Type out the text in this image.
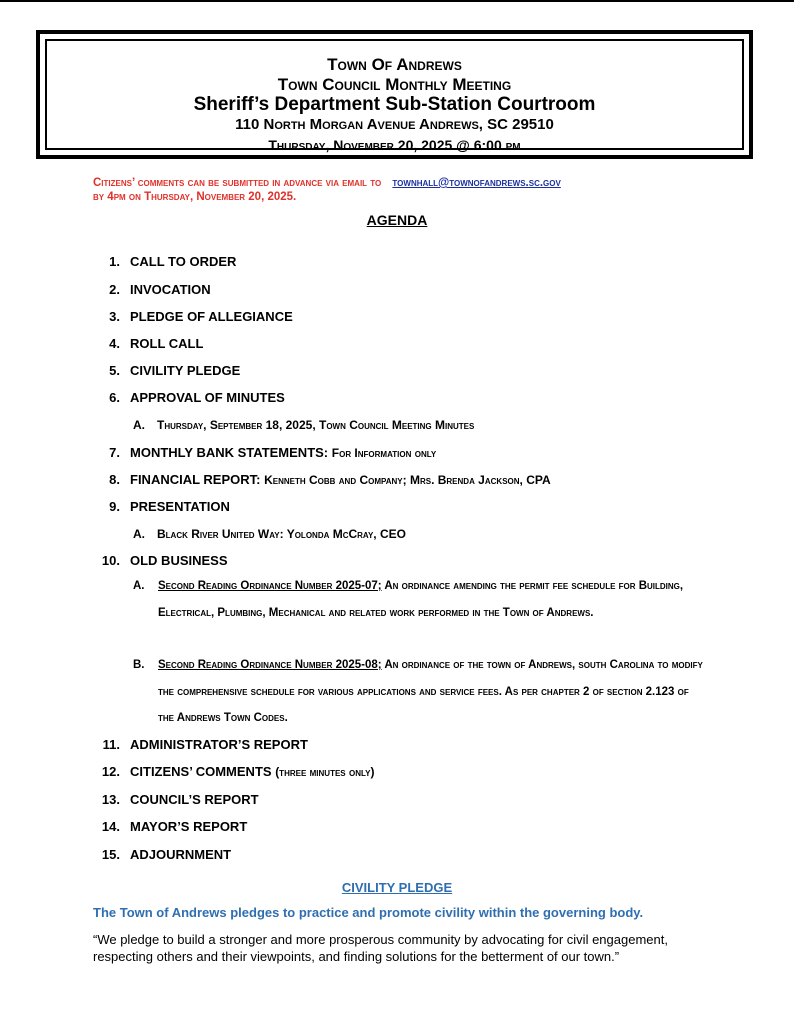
Town Of Andrews
Town Council Monthly Meeting
Sheriff’s Department Sub-Station Courtroom
110 North Morgan Avenue Andrews, SC 29510
Thursday, November 20, 2025 @ 6:00 pm
Citizens’ comments can be submitted in advance via email to townhall@townofandrews.sc.gov
by 4pm on Thursday, November 20, 2025.
AGENDA
1. CALL TO ORDER
2. INVOCATION
3. PLEDGE OF ALLEGIANCE
4. ROLL CALL
5. CIVILITY PLEDGE
6. APPROVAL OF MINUTES
A. Thursday, September 18, 2025, Town Council Meeting Minutes
7. MONTHLY BANK STATEMENTS: For Information only
8. FINANCIAL REPORT: Kenneth Cobb and Company; Mrs. Brenda Jackson, CPA
9. PRESENTATION
A. Black River United Way: Yolonda McCray, CEO
10. OLD BUSINESS
A. Second Reading Ordinance Number 2025-07; An ordinance amending the permit fee schedule for Building, Electrical, Plumbing, Mechanical and related work performed in the Town of Andrews.
B. Second Reading Ordinance Number 2025-08; An ordinance of the town of Andrews, south Carolina to modify the comprehensive schedule for various applications and service fees. As per chapter 2 of section 2.123 of the Andrews Town Codes.
11. ADMINISTRATOR’S REPORT
12. CITIZENS’ COMMENTS (three minutes only)
13. COUNCIL’S REPORT
14. MAYOR’S REPORT
15. ADJOURNMENT
CIVILITY PLEDGE
The Town of Andrews pledges to practice and promote civility within the governing body.
“We pledge to build a stronger and more prosperous community by advocating for civil engagement, respecting others and their viewpoints, and finding solutions for the betterment of our town.”
